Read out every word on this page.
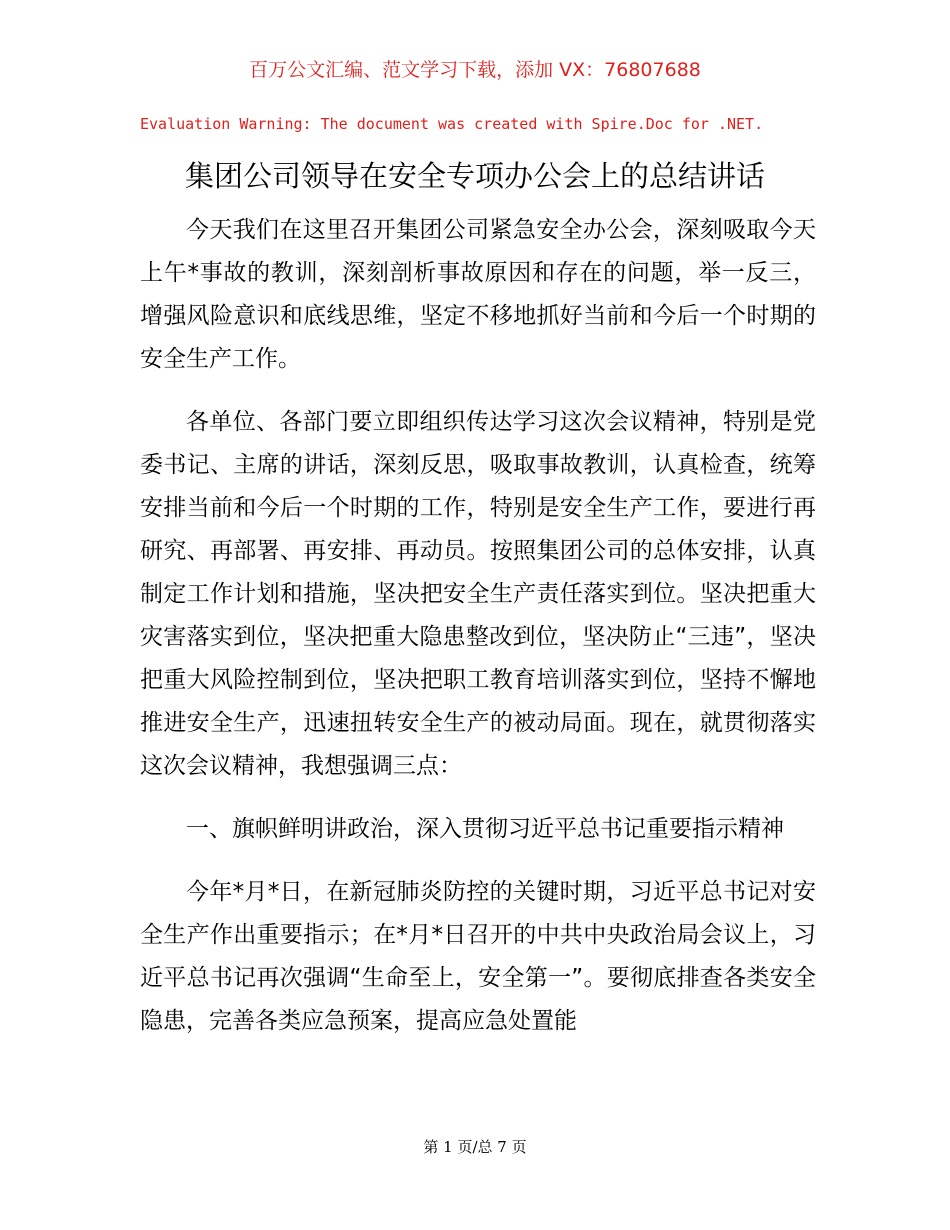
百万公文汇编、范文学习下载，添加 VX：76807688
Evaluation Warning: The document was created with Spire.Doc for .NET.
集团公司领导在安全专项办公会上的总结讲话

今天我们在这里召开集团公司紧急安全办公会，深刻吸取今天上午*事故的教训，深刻剖析事故原因和存在的问题，举一反三，增强风险意识和底线思维，坚定不移地抓好当前和今后一个时期的安全生产工作。

各单位、各部门要立即组织传达学习这次会议精神，特别是党委书记、主席的讲话，深刻反思，吸取事故教训，认真检查，统筹安排当前和今后一个时期的工作，特别是安全生产工作，要进行再研究、再部署、再安排、再动员。按照集团公司的总体安排，认真制定工作计划和措施，坚决把安全生产责任落实到位。坚决把重大灾害落实到位，坚决把重大隐患整改到位，坚决防止“三违”，坚决把重大风险控制到位，坚决把职工教育培训落实到位，坚持不懈地推进安全生产，迅速扭转安全生产的被动局面。现在，就贯彻落实这次会议精神，我想强调三点：

一、旗帜鲜明讲政治，深入贯彻习近平总书记重要指示精神

今年*月*日，在新冠肺炎防控的关键时期，习近平总书记对安全生产作出重要指示；在*月*日召开的中共中央政治局会议上，习近平总书记再次强调“生命至上，安全第一”。要彻底排查各类安全隐患，完善各类应急预案，提高应急处置能

第 1 页/总 7 页
